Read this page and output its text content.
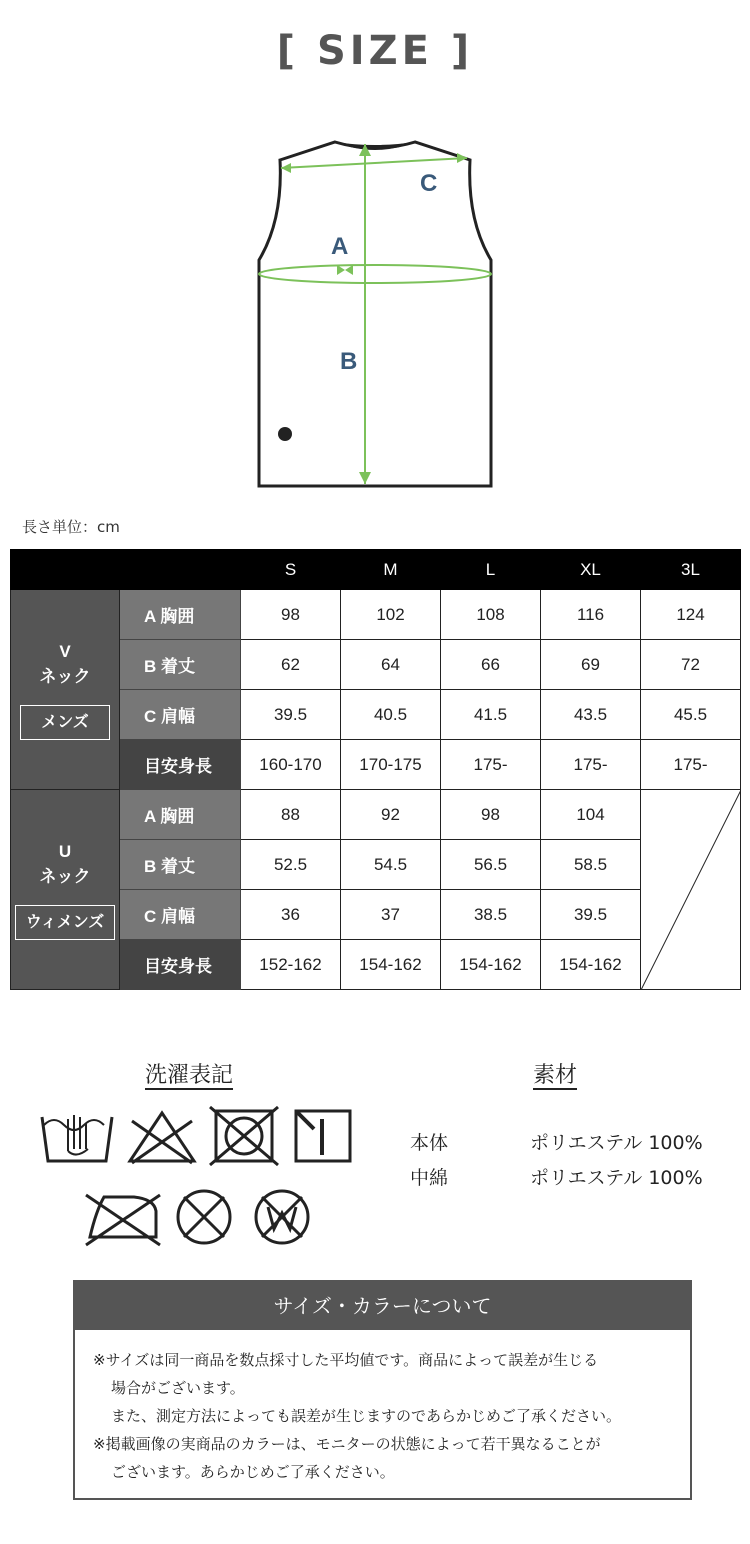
[ SIZE ]
C
A
B
長さ単位：cm
		S	M	L	XL	3L

V
ネック
メンズ	A 胸囲	98	102	108	116	124
	B 着丈	62	64	66	69	72
	C 肩幅	39.5	40.5	41.5	43.5	45.5
	目安身長	160-170	170-175	175-	175-	175-

U
ネック
ウィメンズ	A 胸囲	88	92	98	104	

	B 着丈	52.5	54.5	56.5	58.5	
	C 肩幅	36	37	38.5	39.5	
	目安身長	152-162	154-162	154-162	154-162	
洗濯表記	素材
本体	ポリエステル 100%
中綿	ポリエステル 100%
サイズ・カラーについて
※サイズは同一商品を数点採寸した平均値です。商品によって誤差が生じる
場合がございます。
また、測定方法によっても誤差が生じますのであらかじめご了承ください。
※掲載画像の実商品のカラーは、モニターの状態によって若干異なることが
ございます。あらかじめご了承ください。
